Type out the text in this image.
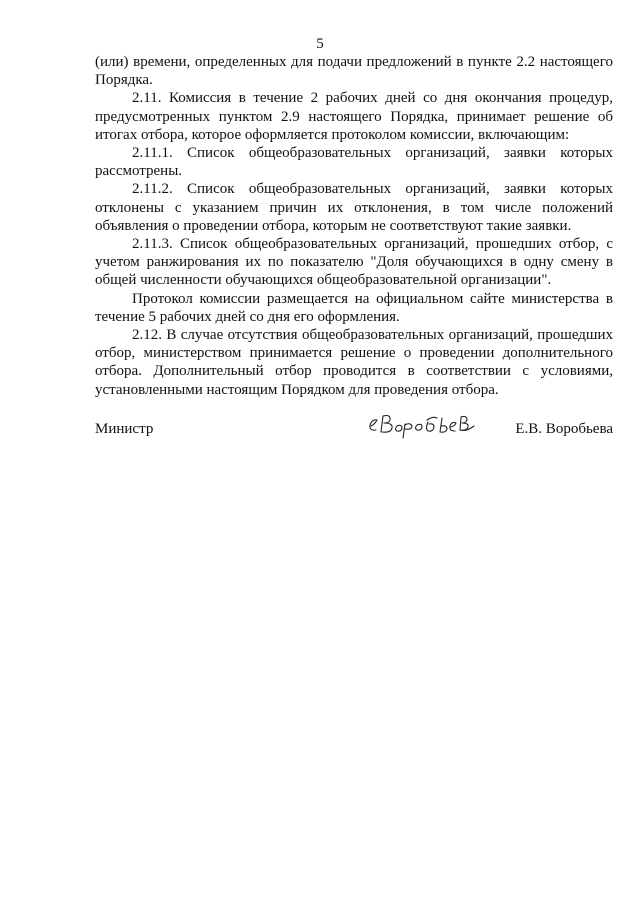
5

(или) времени, определенных для подачи предложений в пункте 2.2 настоящего Порядка.

2.11. Комиссия в течение 2 рабочих дней со дня окончания процедур, предусмотренных пунктом 2.9 настоящего Порядка, принимает решение об итогах отбора, которое оформляется протоколом комиссии, включающим:

2.11.1. Список общеобразовательных организаций, заявки которых рассмотрены.

2.11.2. Список общеобразовательных организаций, заявки которых отклонены с указанием причин их отклонения, в том числе положений объявления о проведении отбора, которым не соответствуют такие заявки.

2.11.3. Список общеобразовательных организаций, прошедших отбор, с учетом ранжирования их по показателю "Доля обучающихся в одну смену в общей численности обучающихся общеобразовательной организации".

Протокол комиссии размещается на официальном сайте министерства в течение 5 рабочих дней со дня его оформления.

2.12. В случае отсутствия общеобразовательных организаций, прошедших отбор, министерством принимается решение о проведении дополнительного отбора. Дополнительный отбор проводится в соответствии с условиями, установленными настоящим Порядком для проведения отбора.

Министр	Е.В. Воробьева
